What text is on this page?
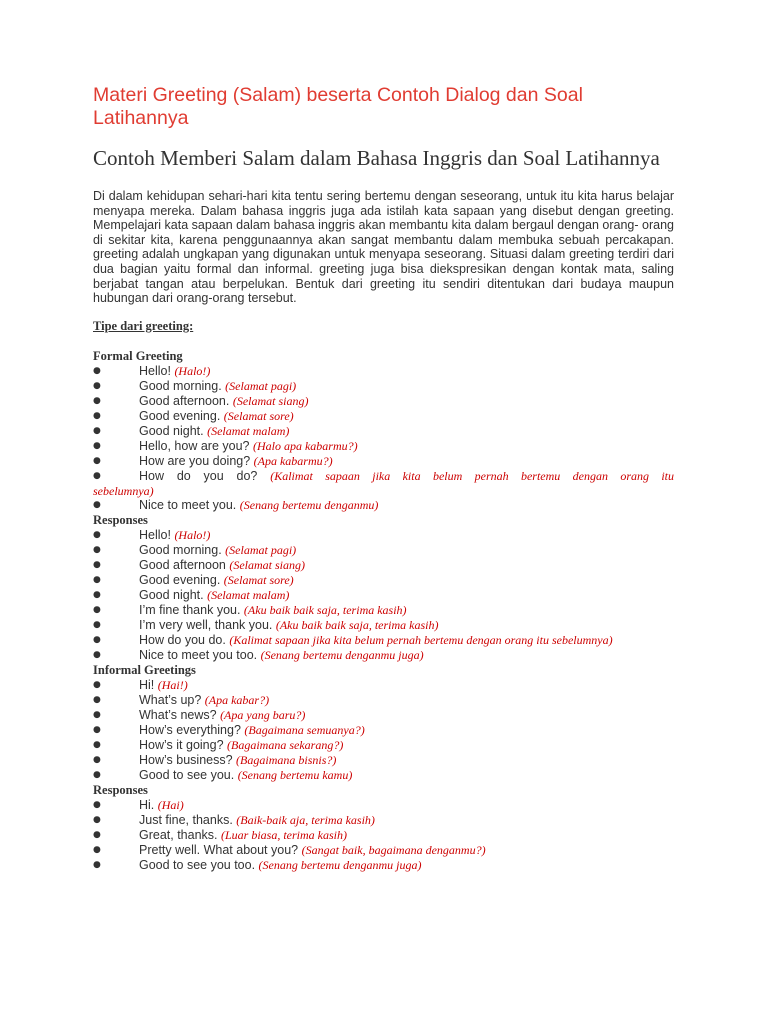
Materi Greeting (Salam) beserta Contoh Dialog dan Soal Latihannya
Contoh Memberi Salam dalam Bahasa Inggris dan Soal Latihannya

Di dalam kehidupan sehari-hari kita tentu sering bertemu dengan seseorang, untuk itu kita harus belajar menyapa mereka. Dalam bahasa inggris juga ada istilah kata sapaan yang disebut dengan greeting. Mempelajari kata sapaan dalam bahasa inggris akan membantu kita dalam bergaul dengan orang- orang di sekitar kita, karena penggunaannya akan sangat membantu dalam membuka sebuah percakapan. greeting adalah ungkapan yang digunakan untuk menyapa seseorang. Situasi dalam greeting terdiri dari dua bagian yaitu formal dan informal. greeting juga bisa diekspresikan dengan kontak mata, saling berjabat tangan atau berpelukan. Bentuk dari greeting itu sendiri ditentukan dari budaya maupun hubungan dari orang-orang tersebut.

Tipe dari greeting:
Formal Greeting
●	Hello! (Halo!)
●	Good morning. (Selamat pagi)
●	Good afternoon. (Selamat siang)
●	Good evening. (Selamat sore)
●	Good night. (Selamat malam)
●	Hello, how are you? (Halo apa kabarmu?)
●	How are you doing? (Apa kabarmu?)
●	How do you do? (Kalimat sapaan jika kita belum pernah bertemu dengan orang itu
sebelumnya)
●	Nice to meet you. (Senang bertemu denganmu)
Responses
●	Hello! (Halo!)
●	Good morning. (Selamat pagi)
●	Good afternoon (Selamat siang)
●	Good evening. (Selamat sore)
●	Good night. (Selamat malam)
●	I’m fine thank you. (Aku baik baik saja, terima kasih)
●	I’m very well, thank you. (Aku baik baik saja, terima kasih)
●	How do you do. (Kalimat sapaan jika kita belum pernah bertemu dengan orang itu sebelumnya)
●	Nice to meet you too. (Senang bertemu denganmu juga)
Informal Greetings
●	Hi! (Hai!)
●	What’s up? (Apa kabar?)
●	What’s news? (Apa yang baru?)
●	How’s everything? (Bagaimana semuanya?)
●	How’s it going? (Bagaimana sekarang?)
●	How’s business? (Bagaimana bisnis?)
●	Good to see you. (Senang bertemu kamu)
Responses
●	Hi. (Hai)
●	Just fine, thanks. (Baik-baik aja, terima kasih)
●	Great, thanks. (Luar biasa, terima kasih)
●	Pretty well. What about you? (Sangat baik, bagaimana denganmu?)
●	Good to see you too. (Senang bertemu denganmu juga)
